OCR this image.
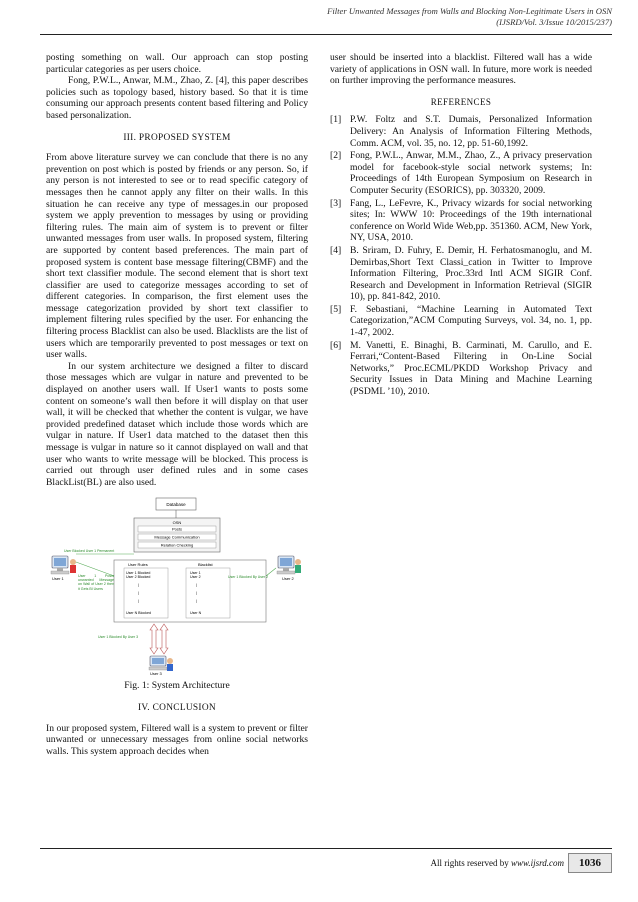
Filter Unwanted Messages from Walls and Blocking Non-Legitimate Users in OSN
(IJSRD/Vol. 3/Issue 10/2015/237)

posting something on wall. Our approach can stop posting particular categories as per users choice.

Fong, P.W.L., Anwar, M.M., Zhao, Z. [4], this paper describes policies such as topology based, history based. So that it is time consuming our approach presents content based filtering and Policy based personalization.

III. PROPOSED SYSTEM

From above literature survey we can conclude that there is no any prevention on post which is posted by friends or any person. So, if any person is not interested to see or to read specific category of messages then he cannot apply any filter on their walls. In this situation he can receive any type of messages.in our proposed system we apply prevention to messages by using or providing filtering rules. The main aim of system is to prevent or filter unwanted messages from user walls. In proposed system, filtering are supported by content based preferences. The main part of proposed system is content base message filtering(CBMF) and the short text classifier module. The second element that is short text classifier are used to categorize messages according to set of different categories. In comparison, the first element uses the message categorization provided by short text classifier to implement filtering rules specified by the user. For enhancing the filtering process Blacklist can also be used. Blacklists are the list of users which are temporarily prevented to post messages or text on user walls.

In our system architecture we designed a filter to discard those messages which are vulgar in nature and prevented to be displayed on another users wall. If User1 wants to posts some content on someone’s wall then before it will display on that user wall, it will be checked that whether the content is vulgar, we have provided predefined dataset which include those words which are vulgar in nature. If User1 data matched to the dataset then this message is vulgar in nature so it cannot displayed on wall and that user who wants to write message will be blocked. This process is carried out through user defined rules and in some cases BlackList(BL) are also used.

Database
OSN
Posts
Message Communication
Relation Checking
User Rules	Blacklist
User 1 Blocked
User 2 Blocked
|
|
|
User N Blocked
User 1
User 2
|
|
|
User N
User 1
User Blocked User 1 Permanent
User 1 Posts unwanted Message on Wall of User 2 then it Gets Bl Users
User 2
User 1 Blocked By User 2
User 1 Blocked By User 3
User 3

Fig. 1: System Architecture

IV. CONCLUSION

In our proposed system, Filtered wall is a system to prevent or filter unwanted or unnecessary messages from online social networks walls. This system approach decides when

user should be inserted into a blacklist. Filtered wall has a wide variety of applications in OSN wall. In future, more work is needed on further improving the performance measures.

REFERENCES

[1] P.W. Foltz and S.T. Dumais, Personalized Information Delivery: An Analysis of Information Filtering Methods, Comm. ACM, vol. 35, no. 12, pp. 51-60,1992.
[2] Fong, P.W.L., Anwar, M.M., Zhao, Z., A privacy preservation model for facebook-style social network systems; In: Proceedings of 14th European Symposium on Research in Computer Security (ESORICS), pp. 303320, 2009.
[3] Fang, L., LeFevre, K., Privacy wizards for social networking sites; In: WWW 10: Proceedings of the 19th international conference on World Wide Web,pp. 351360. ACM, New York, NY, USA, 2010.
[4] B. Sriram, D. Fuhry, E. Demir, H. Ferhatosmanoglu, and M. Demirbas,Short Text Classi_cation in Twitter to Improve Information Filtering, Proc.33rd Intl ACM SIGIR Conf. Research and Development in Information Retrieval (SIGIR 10), pp. 841-842, 2010.
[5] F. Sebastiani, “Machine Learning in Automated Text Categorization,”ACM Computing Surveys, vol. 34, no. 1, pp. 1-47, 2002.
[6] M. Vanetti, E. Binaghi, B. Carminati, M. Carullo, and E. Ferrari,“Content-Based Filtering in On-Line Social Networks,” Proc.ECML/PKDD Workshop Privacy and Security Issues in Data Mining and Machine Learning (PSDML ’10), 2010.
All rights reserved by www.ijsrd.com	1036
